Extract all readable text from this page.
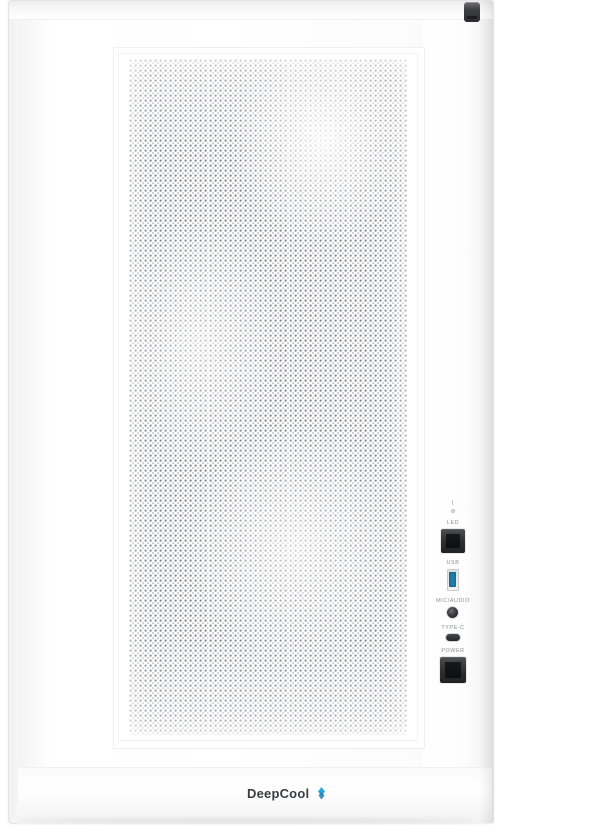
DeepCool
|
LED
USB
MIC/AUDIO
TYPE-C
POWER
